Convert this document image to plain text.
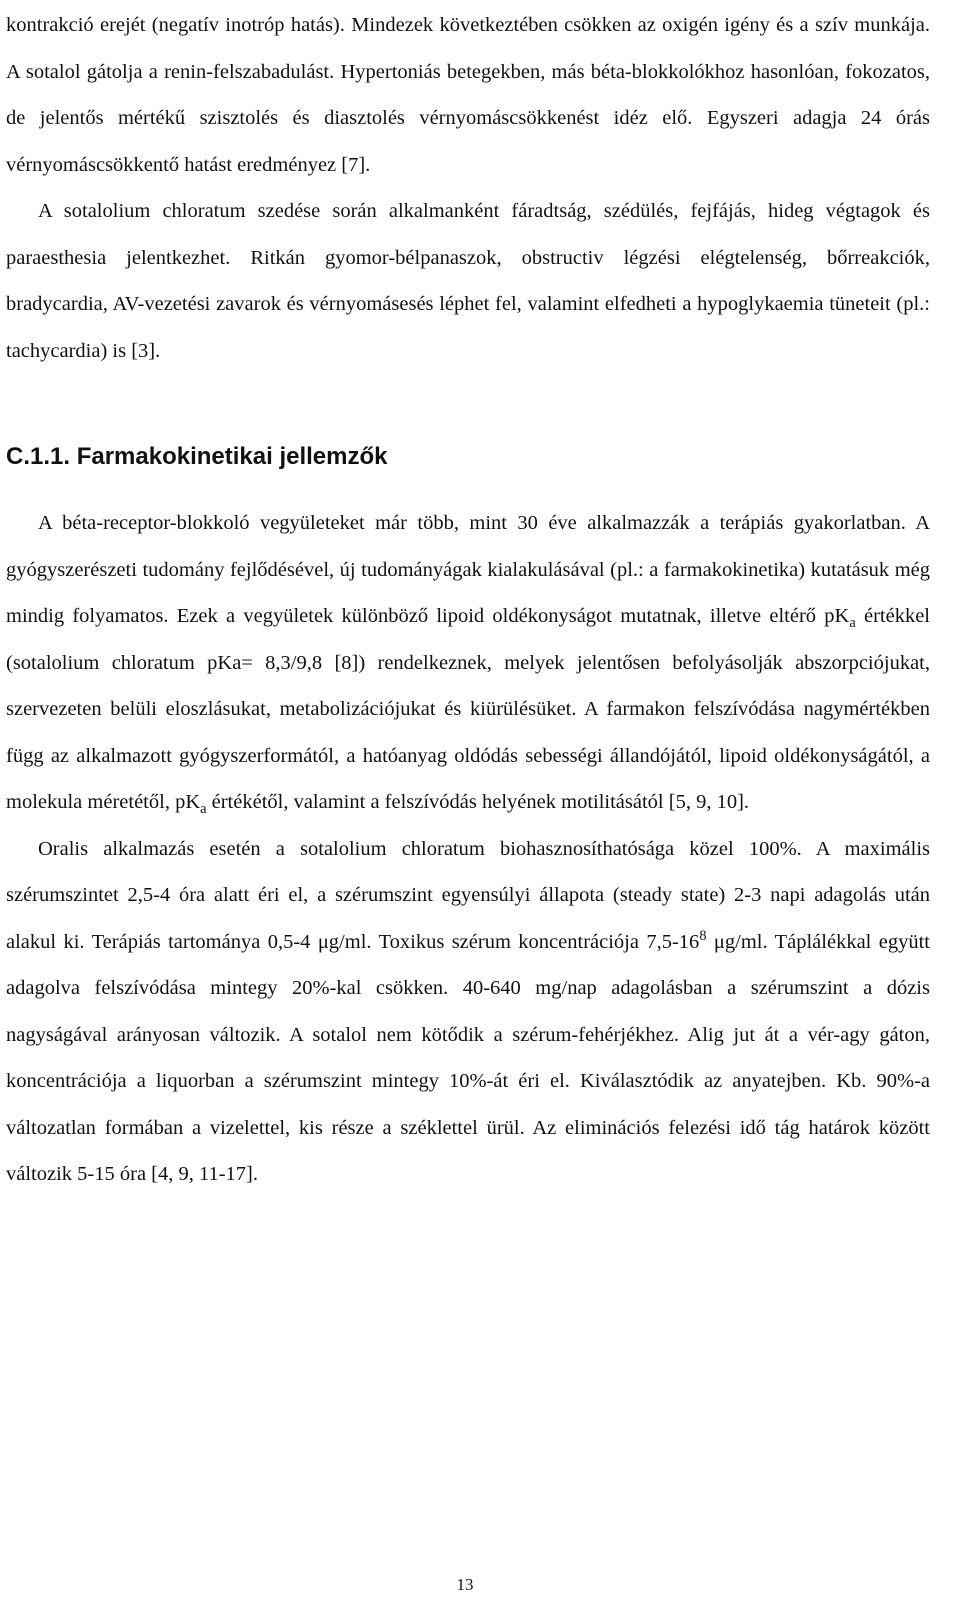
kontrakció erejét (negatív inotróp hatás). Mindezek következtében csökken az oxigén igény és a szív munkája. A sotalol gátolja a renin-felszabadulást. Hypertoniás betegekben, más béta-blokkolókhoz hasonlóan, fokozatos, de jelentős mértékű szisztolés és diasztolés vérnyomáscsökkenést idéz elő. Egyszeri adagja 24 órás vérnyomáscsökkentő hatást eredményez [7].

A sotalolium chloratum szedése során alkalmanként fáradtság, szédülés, fejfájás, hideg végtagok és paraesthesia jelentkezhet. Ritkán gyomor-bélpanaszok, obstructiv légzési elégtelenség, bőrreakciók, bradycardia, AV-vezetési zavarok és vérnyomásesés léphet fel, valamint elfedheti a hypoglykaemia tüneteit (pl.: tachycardia) is [3].

C.1.1. Farmakokinetikai jellemzők

A béta-receptor-blokkoló vegyületeket már több, mint 30 éve alkalmazzák a terápiás gyakorlatban. A gyógyszerészeti tudomány fejlődésével, új tudományágak kialakulásával (pl.: a farmakokinetika) kutatásuk még mindig folyamatos. Ezek a vegyületek különböző lipoid oldékonyságot mutatnak, illetve eltérő $pK_a$ értékkel (sotalolium chloratum pKa= 8,3/9,8 [8]) rendelkeznek, melyek jelentősen befolyásolják abszorpciójukat, szervezeten belüli eloszlásukat, metabolizációjukat és kiürülésüket. A farmakon felszívódása nagymértékben függ az alkalmazott gyógyszerformától, a hatóanyag oldódás sebességi állandójától, lipoid oldékonyságától, a molekula méretétől, $pK_a$ értékétől, valamint a felszívódás helyének motilitásától [5, 9, 10].

Oralis alkalmazás esetén a sotalolium chloratum biohasznosíthatósága közel 100%. A maximális szérumszintet 2,5-4 óra alatt éri el, a szérumszint egyensúlyi állapota (steady state) 2-3 napi adagolás után alakul ki. Terápiás tartománya 0,5-4 μg/ml. Toxikus szérum koncentrációja $7,5-16^8$ μg/ml. Táplálékkal együtt adagolva felszívódása mintegy 20%-kal csökken. 40-640 mg/nap adagolásban a szérumszint a dózis nagyságával arányosan változik. A sotalol nem kötődik a szérum-fehérjékhez. Alig jut át a vér-agy gáton, koncentrációja a liquorban a szérumszint mintegy 10%-át éri el. Kiválasztódik az anyatejben. Kb. 90%-a változatlan formában a vizelettel, kis része a széklettel ürül. Az eliminációs felezési idő tág határok között változik 5-15 óra [4, 9, 11-17].

13
